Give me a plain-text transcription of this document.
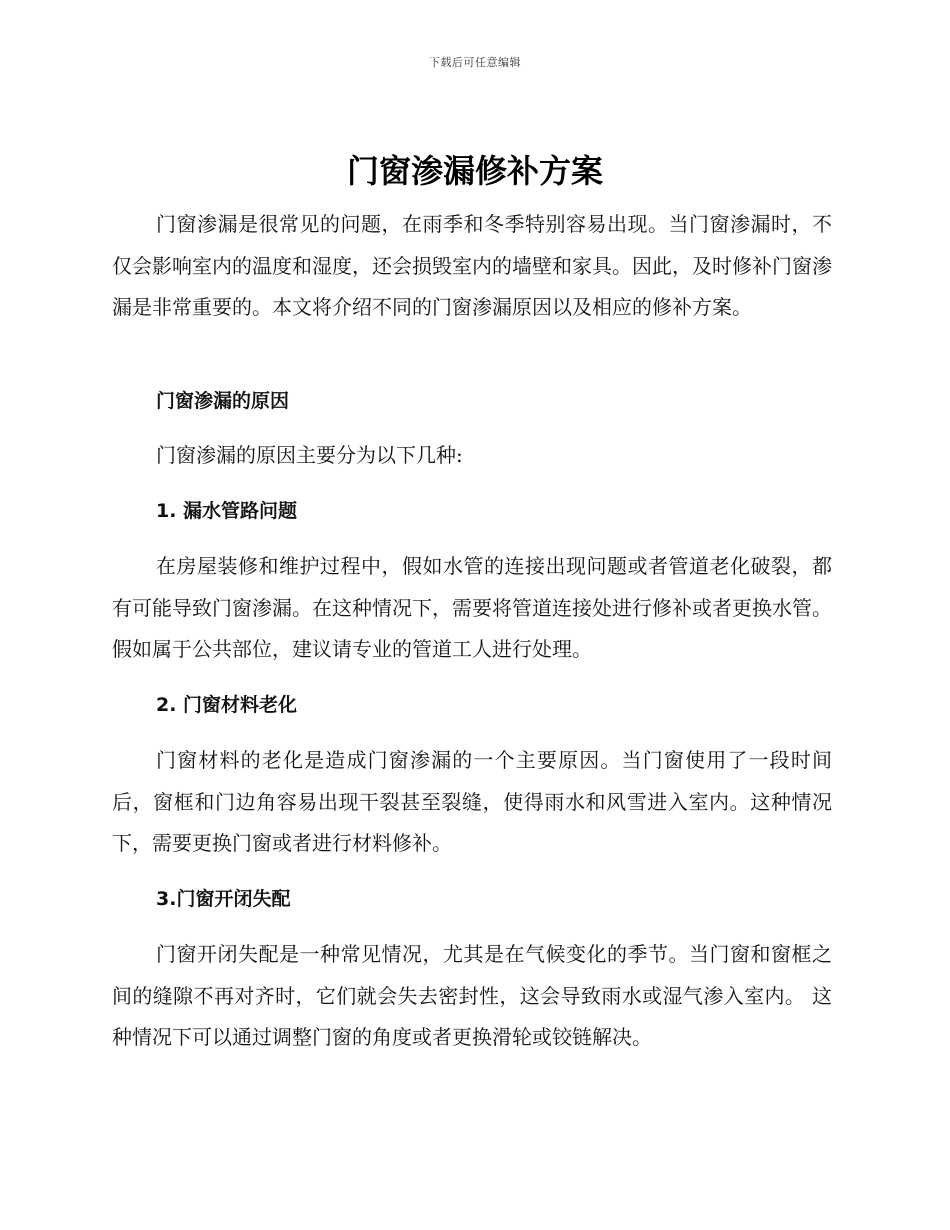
下载后可任意编辑
门窗渗漏修补方案

门窗渗漏是很常见的问题，在雨季和冬季特别容易出现。当门窗渗漏时，不仅会影响室内的温度和湿度，还会损毁室内的墙壁和家具。因此，及时修补门窗渗漏是非常重要的。本文将介绍不同的门窗渗漏原因以及相应的修补方案。

门窗渗漏的原因

门窗渗漏的原因主要分为以下几种:

1. 漏水管路问题

在房屋装修和维护过程中，假如水管的连接出现问题或者管道老化破裂，都有可能导致门窗渗漏。在这种情况下，需要将管道连接处进行修补或者更换水管。假如属于公共部位，建议请专业的管道工人进行处理。

2. 门窗材料老化

门窗材料的老化是造成门窗渗漏的一个主要原因。当门窗使用了一段时间后，窗框和门边角容易出现干裂甚至裂缝，使得雨水和风雪进入室内。这种情况下，需要更换门窗或者进行材料修补。

3.门窗开闭失配

门窗开闭失配是一种常见情况，尤其是在气候变化的季节。当门窗和窗框之间的缝隙不再对齐时，它们就会失去密封性，这会导致雨水或湿气渗入室内。 这种情况下可以通过调整门窗的角度或者更换滑轮或铰链解决。
